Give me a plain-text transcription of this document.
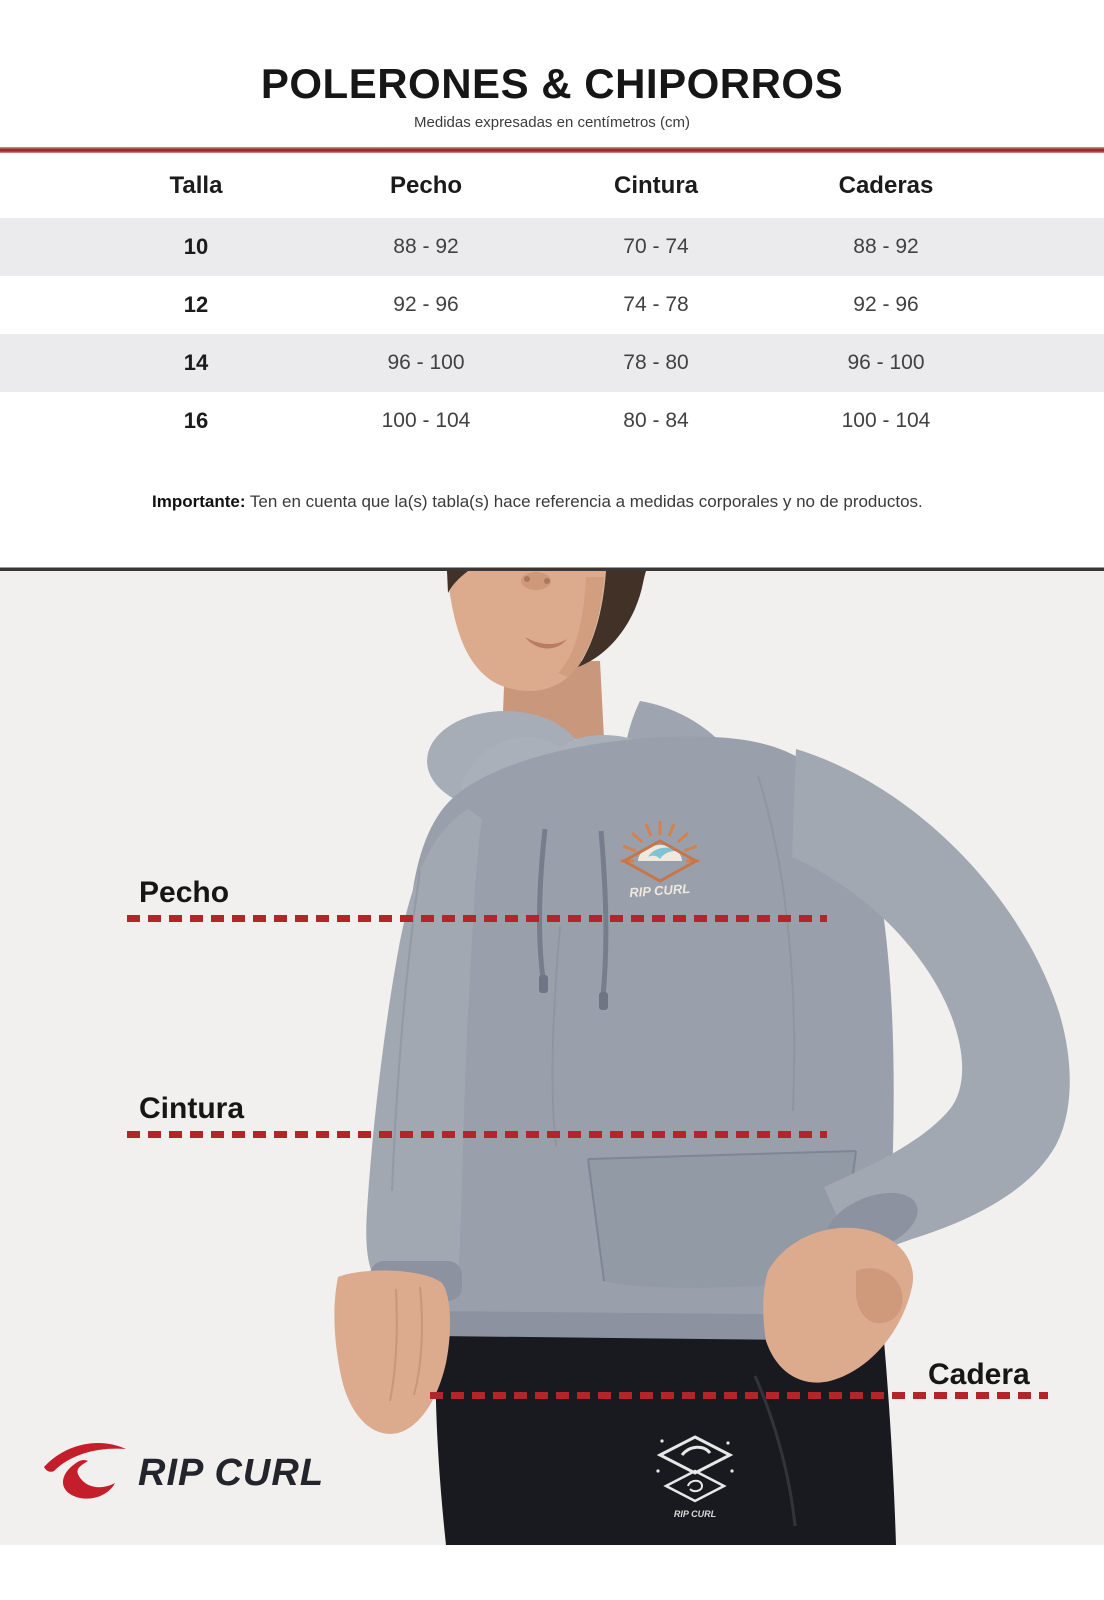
POLERONES & CHIPORROS
Medidas expresadas en centímetros (cm)
Talla	Pecho	Cintura	Caderas
10	88 - 92	70 - 74	88 - 92
12	92 - 96	74 - 78	92 - 96
14	96 - 100	78 - 80	96 - 100
16	100 - 104	80 - 84	100 - 104
Importante: Ten en cuenta que la(s) tabla(s) hace referencia a medidas corporales y no de productos.
RIP CURL
RIP CURL
Pecho
Cintura
Cadera
RIP CURL
